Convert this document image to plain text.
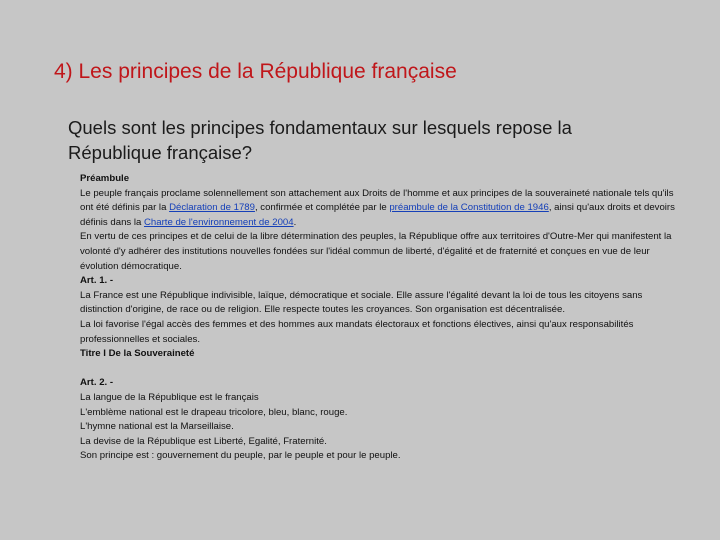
4) Les principes de la République française
Quels sont les principes fondamentaux sur lesquels repose la République française?

Préambule

Le peuple français proclame solennellement son attachement aux Droits de l'homme et aux principes de la souveraineté nationale tels qu'ils ont été définis par la Déclaration de 1789, confirmée et complétée par le préambule de la Constitution de 1946, ainsi qu'aux droits et devoirs définis dans la Charte de l'environnement de 2004.

En vertu de ces principes et de celui de la libre détermination des peuples, la République offre aux territoires d'Outre-Mer qui manifestent la volonté d'y adhérer des institutions nouvelles fondées sur l'idéal commun de liberté, d'égalité et de fraternité et conçues en vue de leur évolution démocratique.

Art. 1. -

La France est une République indivisible, laïque, démocratique et sociale. Elle assure l'égalité devant la loi de tous les citoyens sans distinction d'origine, de race ou de religion. Elle respecte toutes les croyances. Son organisation est décentralisée.

La loi favorise l'égal accès des femmes et des hommes aux mandats électoraux et fonctions électives, ainsi qu'aux responsabilités professionnelles et sociales.

Titre I De la Souveraineté

Art. 2. -

La langue de la République est le français

L'emblème national est le drapeau tricolore, bleu, blanc, rouge.

L'hymne national est la Marseillaise.

La devise de la République est Liberté, Egalité, Fraternité.

Son principe est : gouvernement du peuple, par le peuple et pour le peuple.
